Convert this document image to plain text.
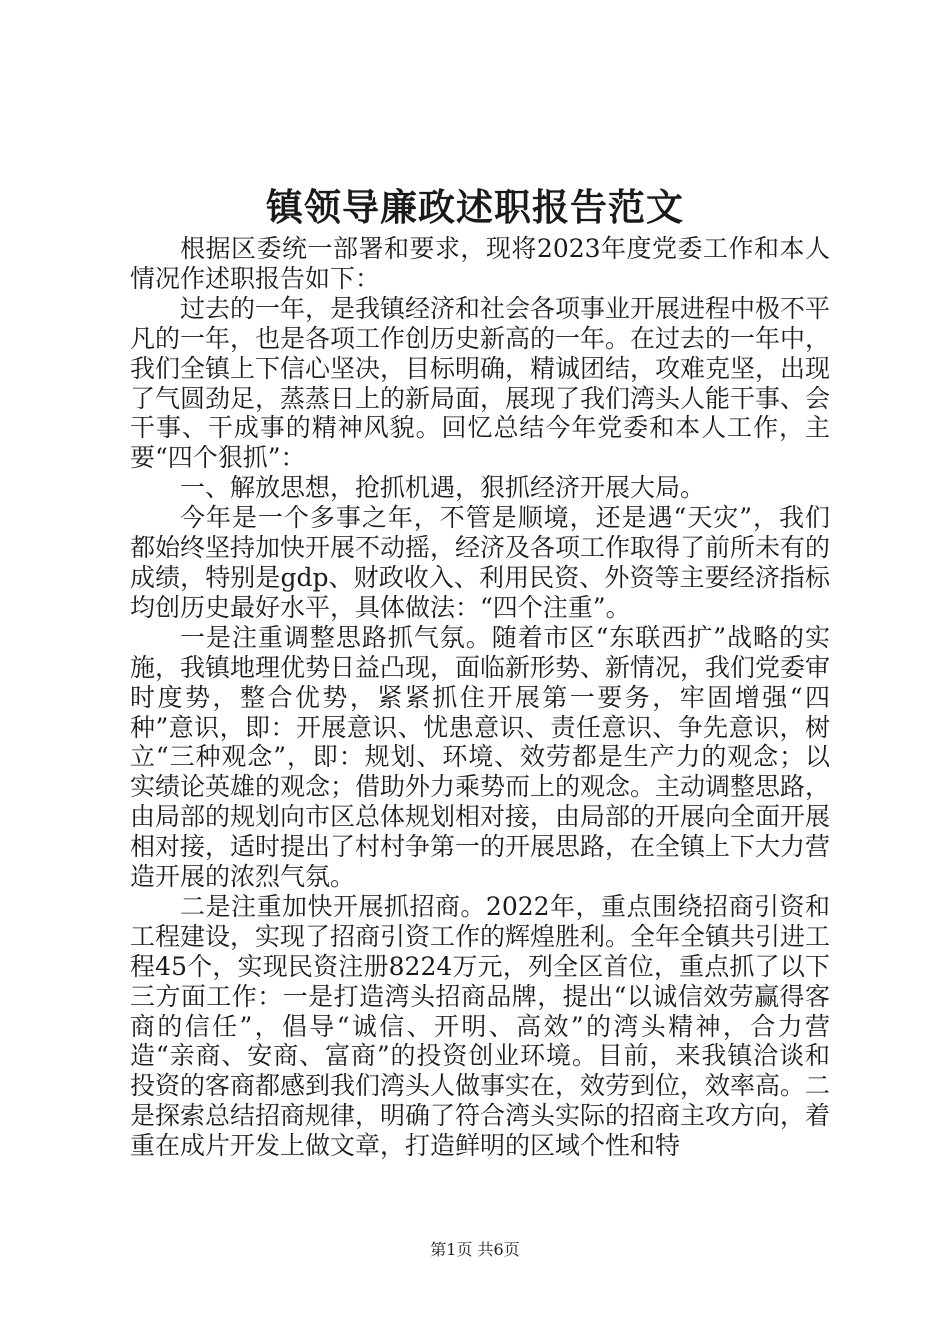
镇领导廉政述职报告范文

根据区委统一部署和要求，现将2023年度党委工作和本人情况作述职报告如下：

过去的一年，是我镇经济和社会各项事业开展进程中极不平凡的一年，也是各项工作创历史新高的一年。在过去的一年中，我们全镇上下信心坚决，目标明确，精诚团结，攻难克坚，出现了气圆劲足，蒸蒸日上的新局面，展现了我们湾头人能干事、会干事、干成事的精神风貌。回忆总结今年党委和本人工作，主要“四个狠抓”：

一、解放思想，抢抓机遇，狠抓经济开展大局。

今年是一个多事之年，不管是顺境，还是遇“天灾”，我们都始终坚持加快开展不动摇，经济及各项工作取得了前所未有的成绩，特别是gdp、财政收入、利用民资、外资等主要经济指标均创历史最好水平，具体做法：“四个注重”。

一是注重调整思路抓气氛。随着市区“东联西扩”战略的实施，我镇地理优势日益凸现，面临新形势、新情况，我们党委审时度势，整合优势，紧紧抓住开展第一要务，牢固增强“四种”意识，即：开展意识、忧患意识、责任意识、争先意识，树立“三种观念”，即：规划、环境、效劳都是生产力的观念；以实绩论英雄的观念；借助外力乘势而上的观念。主动调整思路，由局部的规划向市区总体规划相对接，由局部的开展向全面开展相对接，适时提出了村村争第一的开展思路，在全镇上下大力营造开展的浓烈气氛。

二是注重加快开展抓招商。2022年，重点围绕招商引资和工程建设，实现了招商引资工作的辉煌胜利。全年全镇共引进工程45个，实现民资注册8224万元，列全区首位，重点抓了以下三方面工作：一是打造湾头招商品牌，提出“以诚信效劳赢得客商的信任”，倡导“诚信、开明、高效”的湾头精神，合力营造“亲商、安商、富商”的投资创业环境。目前，来我镇洽谈和投资的客商都感到我们湾头人做事实在，效劳到位，效率高。二是探索总结招商规律，明确了符合湾头实际的招商主攻方向，着重在成片开发上做文章，打造鲜明的区域个性和特

第1页 共6页
